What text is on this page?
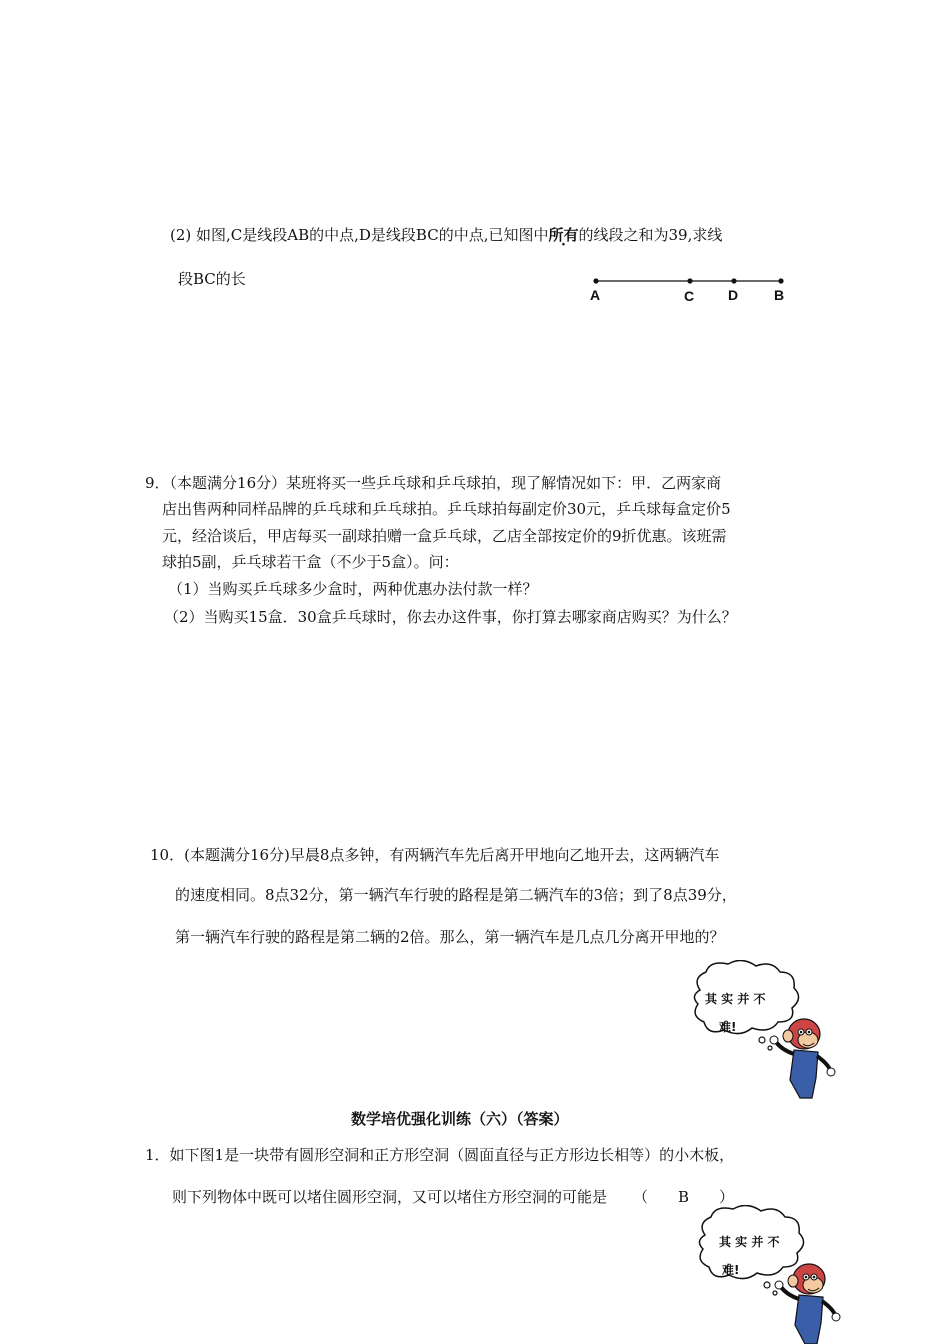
(2) 如图,C是线段AB的中点,D是线段BC的中点,已知图中所有的线段之和为39,求线
段BC的长
A	C D	B
9．（本题满分16分）某班将买一些乒乓球和乒乓球拍，现了解情况如下：甲．乙两家商
店出售两种同样品牌的乒乓球和乒乓球拍。乒乓球拍每副定价30元，乒乓球每盒定价5
元，经洽谈后，甲店每买一副球拍赠一盒乒乓球，乙店全部按定价的9折优惠。该班需
球拍5副，乒乓球若干盒（不少于5盒）。问：
（1）当购买乒乓球多少盒时，两种优惠办法付款一样？
（2）当购买15盒．30盒乒乓球时，你去办这件事，你打算去哪家商店购买？为什么？
10．(本题满分16分)早晨8点多钟，有两辆汽车先后离开甲地向乙地开去，这两辆汽车
的速度相同。8点32分，第一辆汽车行驶的路程是第二辆汽车的3倍；到了8点39分，
第一辆汽车行驶的路程是第二辆的2倍。那么，第一辆汽车是几点几分离开甲地的？
其 实 并 不
难!
数学培优强化训练（六）（答案）
1．如下图1是一块带有圆形空洞和正方形空洞（圆面直径与正方形边长相等）的小木板，
则下列物体中既可以堵住圆形空洞，又可以堵住方形空洞的可能是 （　　B　　）
其 实 并 不
难!
